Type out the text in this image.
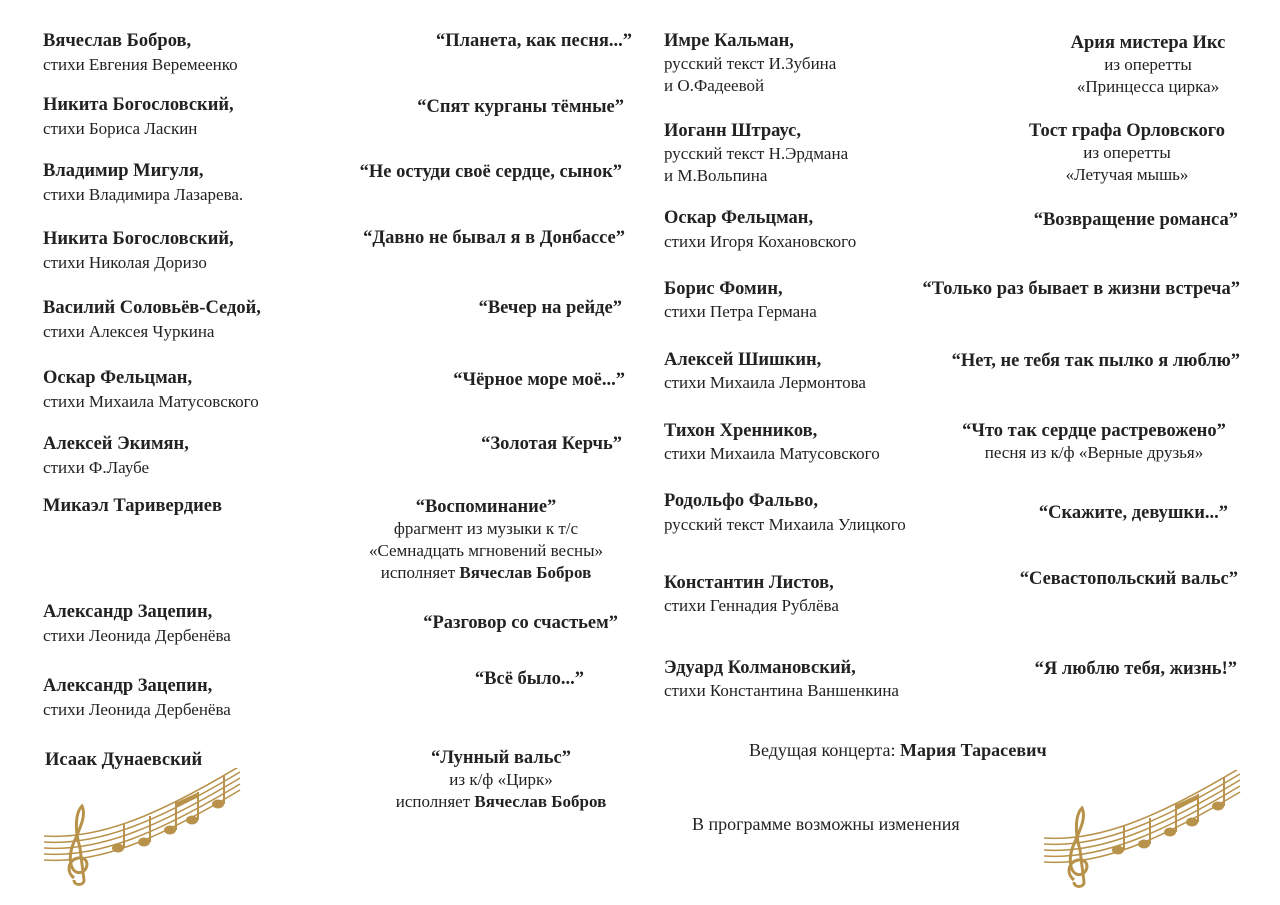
Вячеслав Бобров,
стихи Евгения Веремеенко
“Планета, как песня...”
Никита Богословский,
стихи Бориса Ласкин
“Спят курганы тёмные”
Владимир Мигуля,
стихи Владимира Лазарева.
“Не остуди своё сердце, сынок”
Никита Богословский,
стихи Николая Доризо
“Давно не бывал я в Донбассе”
Василий Соловьёв-Седой,
стихи Алексея Чуркина
“Вечер на рейде”
Оскар Фельцман,
стихи Михаила Матусовского
“Чёрное море моё...”
Алексей Экимян,
стихи Ф.Лаубе
“Золотая Керчь”
Микаэл Таривердиев	“Воспоминание”
фрагмент из музыки к т/с
«Семнадцать мгновений весны»
исполняет Вячеслав Бобров
Александр Зацепин,
стихи Леонида Дербенёва
“Разговор со счастьем”
Александр Зацепин,
стихи Леонида Дербенёва
“Всё было...”
Исаак Дунаевский	“Лунный вальс”
из к/ф «Цирк»
исполняет Вячеслав Бобров
Имре Кальман,
русский текст И.Зубина
и О.Фадеевой
Ария мистера Икс
из оперетты
«Принцесса цирка»
Иоганн Штраус,
русский текст Н.Эрдмана
и М.Вольпина
Тост графа Орловского
из оперетты
«Летучая мышь»
Оскар Фельцман,
стихи Игоря Кохановского
“Возвращение романса”
Борис Фомин,
стихи Петра Германа
“Только раз бывает в жизни встреча”
Алексей Шишкин,
стихи Михаила Лермонтова
“Нет, не тебя так пылко я люблю”
Тихон Хренников,
стихи Михаила Матусовского
“Что так сердце растревожено”
песня из к/ф «Верные друзья»
Родольфо Фальво,
русский текст Михаила Улицкого
“Скажите, девушки...”
Константин Листов,
стихи Геннадия Рублёва
“Севастопольский вальс”
Эдуард Колмановский,
стихи Константина Ваншенкина
“Я люблю тебя, жизнь!”
Ведущая концерта: Мария Тарасевич
В программе возможны изменения
